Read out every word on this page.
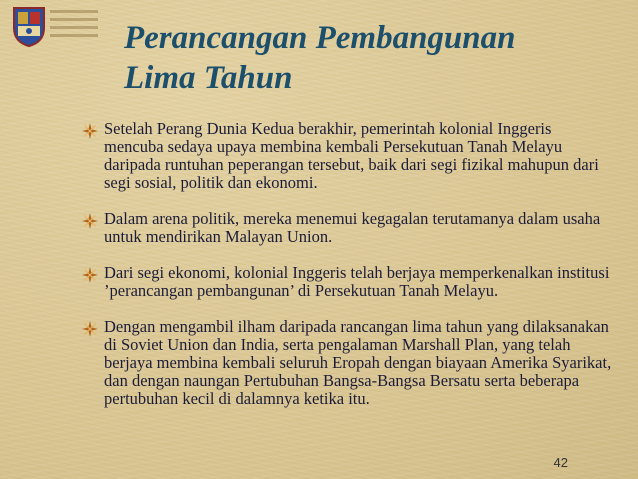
Perancangan Pembangunan
Lima Tahun
Setelah Perang Dunia Kedua berakhir, pemerintah kolonial Inggeris mencuba sedaya upaya membina kembali Persekutuan Tanah Melayu daripada runtuhan peperangan tersebut, baik dari segi fizikal mahupun dari segi sosial, politik dan ekonomi.
Dalam arena politik, mereka menemui kegagalan terutamanya dalam usaha untuk mendirikan Malayan Union.
Dari segi ekonomi, kolonial Inggeris telah berjaya memperkenalkan institusi ’perancangan pembangunan’ di Persekutuan Tanah Melayu.
Dengan mengambil ilham daripada rancangan lima tahun yang dilaksanakan di Soviet Union dan India, serta pengalaman Marshall Plan, yang telah berjaya membina kembali seluruh Eropah dengan biayaan Amerika Syarikat, dan dengan naungan Pertubuhan Bangsa-Bangsa Bersatu serta beberapa pertubuhan kecil di dalamnya ketika itu.
42
